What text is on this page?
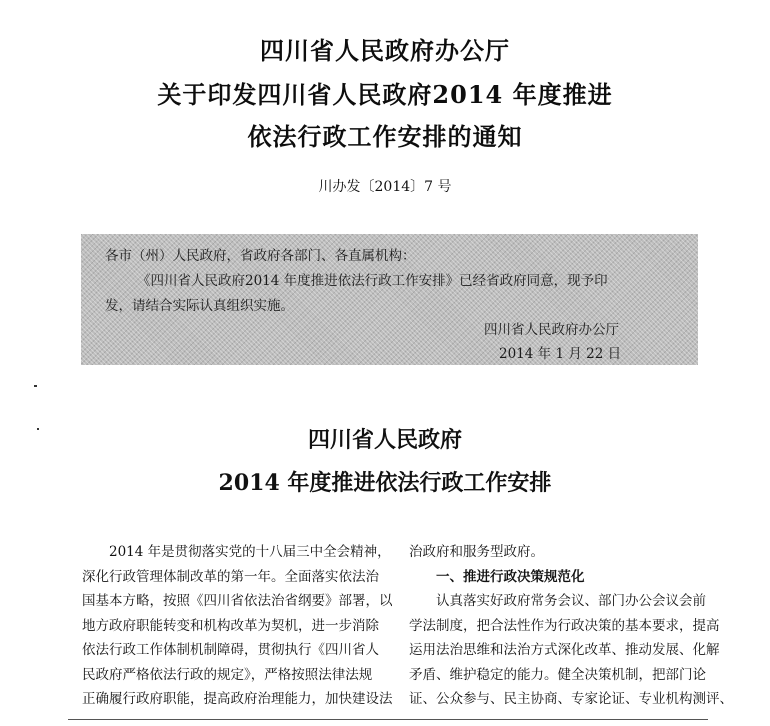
四川省人民政府办公厅
关于印发四川省人民政府2014 年度推进
依法行政工作安排的通知
川办发〔2014〕7 号
各市（州）人民政府，省政府各部门、各直属机构：
《四川省人民政府2014 年度推进依法行政工作安排》已经省政府同意，现予印
发，请结合实际认真组织实施。
四川省人民政府办公厅
2014 年 1 月 22 日
四川省人民政府
2014 年度推进依法行政工作安排

2014 年是贯彻落实党的十八届三中全会精神，

深化行政管理体制改革的第一年。全面落实依法治

国基本方略，按照《四川省依法治省纲要》部署，以

地方政府职能转变和机构改革为契机，进一步消除

依法行政工作体制机制障碍，贯彻执行《四川省人

民政府严格依法行政的规定》，严格按照法律法规

正确履行政府职能，提高政府治理能力，加快建设法

治政府和服务型政府。

一、推进行政决策规范化

认真落实好政府常务会议、部门办公会议会前

学法制度，把合法性作为行政决策的基本要求，提高

运用法治思维和法治方式深化改革、推动发展、化解

矛盾、维护稳定的能力。健全决策机制，把部门论

证、公众参与、民主协商、专家论证、专业机构测评、
